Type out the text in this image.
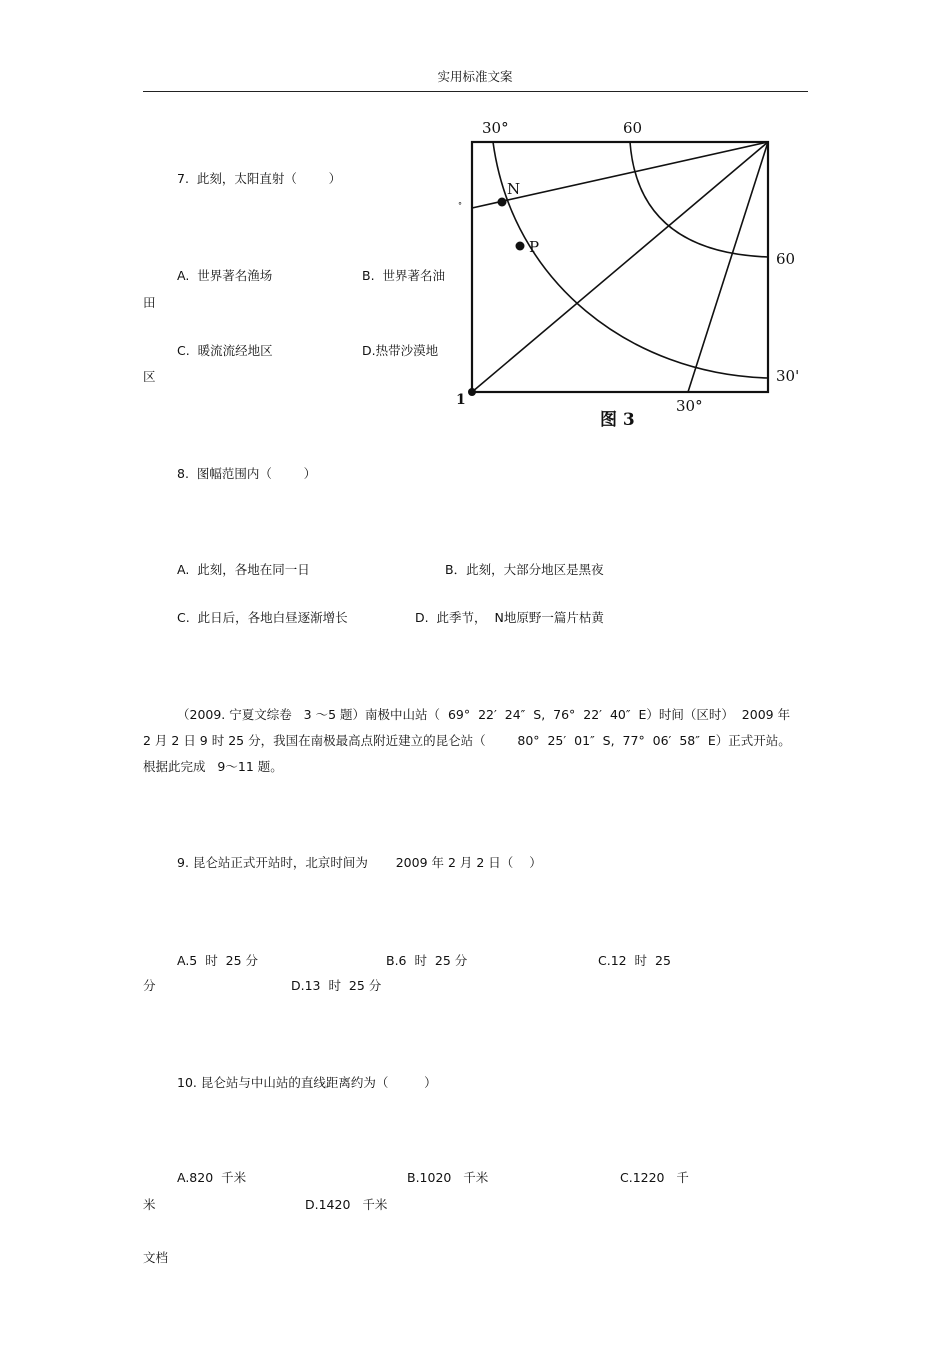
实用标准文案
7.  此刻，太阳直射（        ）
A.  世界著名渔场	B.  世界著名油
田
C.  暖流流经地区	D.热带沙漠地
区
30°	60
60
30'
30°
1
N
P
°
图 3
8.  图幅范围内（        ）
A.  此刻，各地在同一日	B．此刻，大部分地区是黑夜
C.  此日后，各地白昼逐渐增长	D.  此季节，  N地原野一篇片枯黄
（2009. 宁夏文综卷   3 ～5 题）南极中山站（  69°  22′  24″  S,  76°  22′  40″  E）时间（区时）  2009 年
2 月 2 日 9 时 25 分，我国在南极最高点附近建立的昆仑站（        80°  25′  01″  S,  77°  06′  58″  E）正式开站。
根据此完成   9～11 题。
9. 昆仑站正式开站时，北京时间为       2009 年 2 月 2 日（    ）
A.5  时  25 分	B.6  时  25 分	C.12  时  25
分	D.13  时  25 分
10. 昆仑站与中山站的直线距离约为（         ）
A.820  千米	B.1020   千米	C.1220   千
米	D.1420   千米
文档
